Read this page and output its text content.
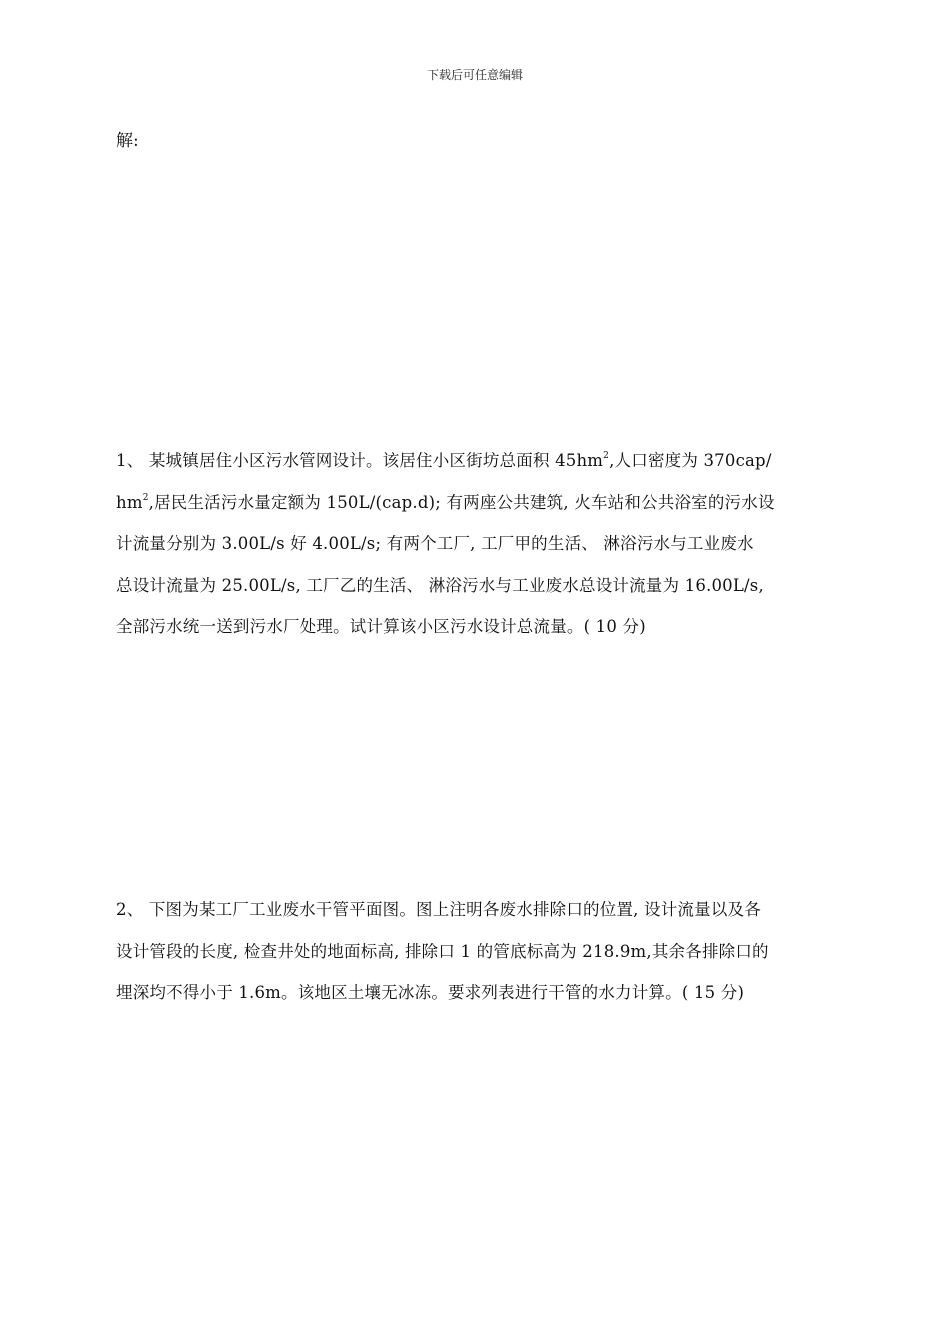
下载后可任意编辑
解:
1、 某城镇居住小区污水管网设计。该居住小区街坊总面积 $45hm^2$,人口密度为 370cap/
$hm^2$,居民生活污水量定额为 150L/(cap.d); 有两座公共建筑, 火车站和公共浴室的污水设
计流量分别为 3.00L/s 好 4.00L/s; 有两个工厂, 工厂甲的生活、 淋浴污水与工业废水
总设计流量为 25.00L/s, 工厂乙的生活、 淋浴污水与工业废水总设计流量为 16.00L/s,
全部污水统一送到污水厂处理。试计算该小区污水设计总流量。( 10 分)
2、 下图为某工厂工业废水干管平面图。图上注明各废水排除口的位置, 设计流量以及各
设计管段的长度, 检查井处的地面标高, 排除口 1 的管底标高为 218.9m,其余各排除口的
埋深均不得小于 1.6m。该地区土壤无冰冻。要求列表进行干管的水力计算。( 15 分)
